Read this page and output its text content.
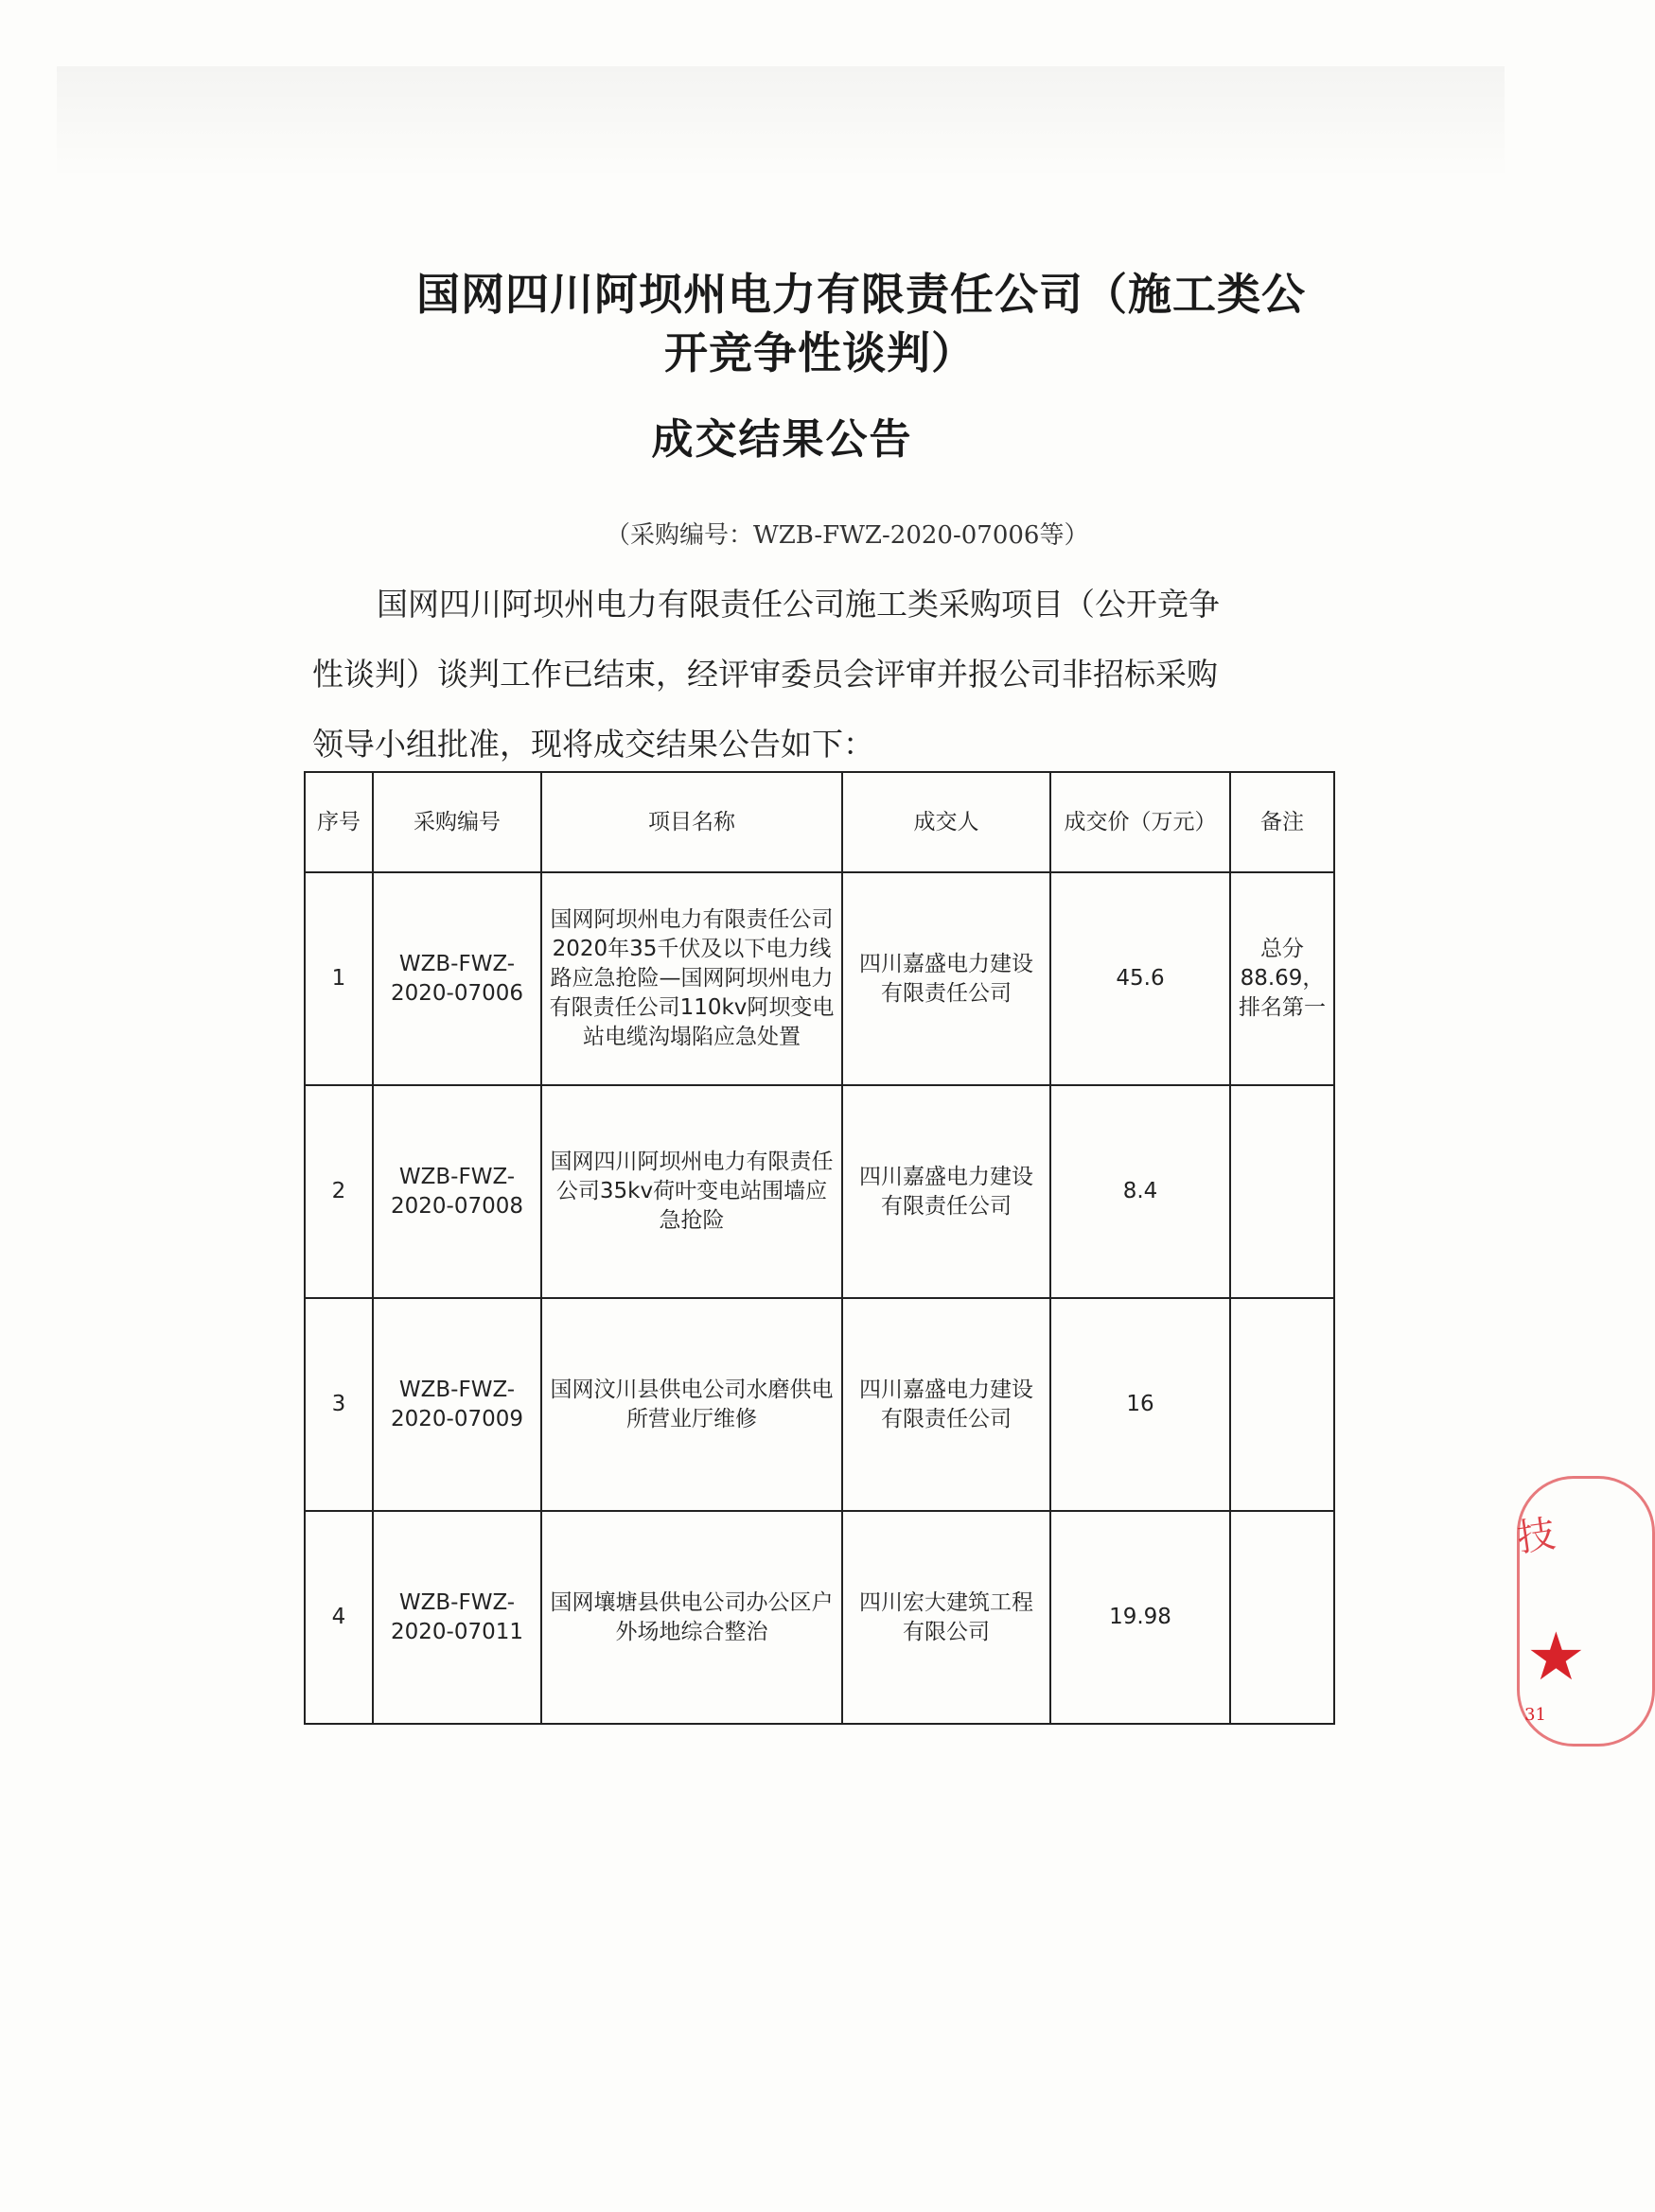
国网四川阿坝州电力有限责任公司（施工类公
开竞争性谈判）
成交结果公告
（采购编号：WZB-FWZ-2020-07006等）
国网四川阿坝州电力有限责任公司施工类采购项目（公开竞争
性谈判）谈判工作已结束，经评审委员会评审并报公司非招标采购
领导小组批准，现将成交结果公告如下：
序号	采购编号	项目名称	成交人	成交价（万元）	备注
1	WZB-FWZ-2020-07006	国网阿坝州电力有限责任公司2020年35千伏及以下电力线路应急抢险—国网阿坝州电力有限责任公司110kv阿坝变电站电缆沟塌陷应急处置	四川嘉盛电力建设有限责任公司	45.6	总分88.69，排名第一
2	WZB-FWZ-2020-07008	国网四川阿坝州电力有限责任公司35kv荷叶变电站围墙应急抢险	四川嘉盛电力建设有限责任公司	8.4	
3	WZB-FWZ-2020-07009	国网汶川县供电公司水磨供电所营业厅维修	四川嘉盛电力建设有限责任公司	16	
4	WZB-FWZ-2020-07011	国网壤塘县供电公司办公区户外场地综合整治	四川宏大建筑工程有限公司	19.98	
技
★
31
